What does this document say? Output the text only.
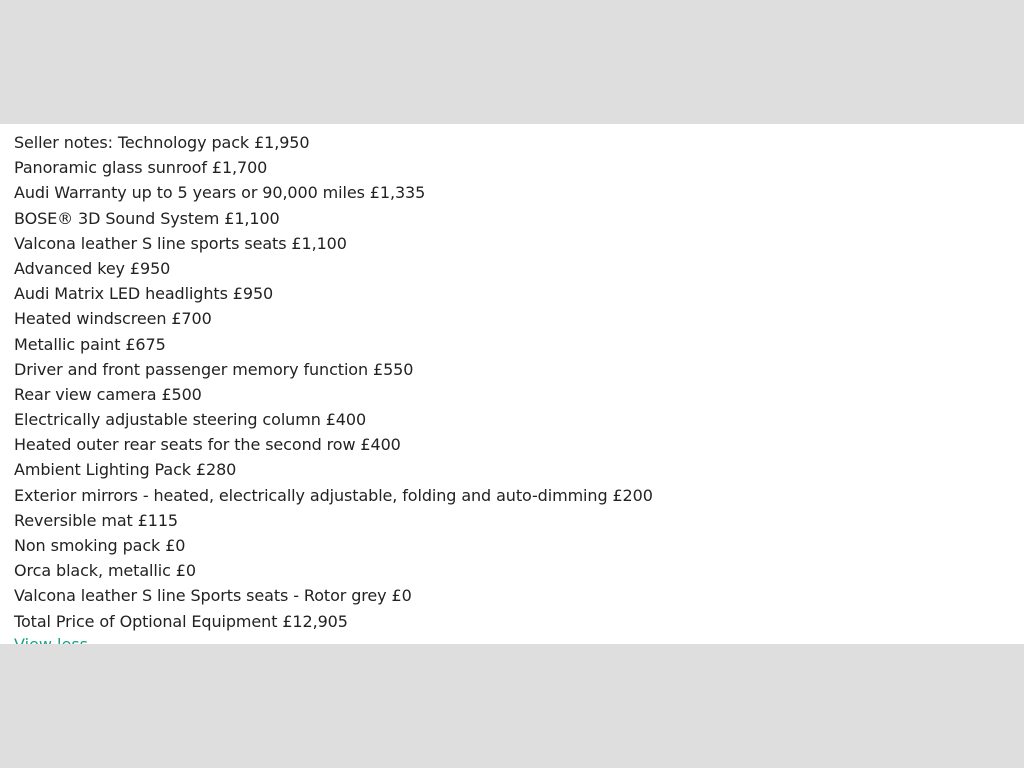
Seller notes: Technology pack £1,950
Panoramic glass sunroof £1,700
Audi Warranty up to 5 years or 90,000 miles £1,335
BOSE® 3D Sound System £1,100
Valcona leather S line sports seats £1,100
Advanced key £950
Audi Matrix LED headlights £950
Heated windscreen £700
Metallic paint £675
Driver and front passenger memory function £550
Rear view camera £500
Electrically adjustable steering column £400
Heated outer rear seats for the second row £400
Ambient Lighting Pack £280
Exterior mirrors - heated, electrically adjustable, folding and auto-dimming £200
Reversible mat £115
Non smoking pack £0
Orca black, metallic £0
Valcona leather S line Sports seats - Rotor grey £0
Total Price of Optional Equipment £12,905
